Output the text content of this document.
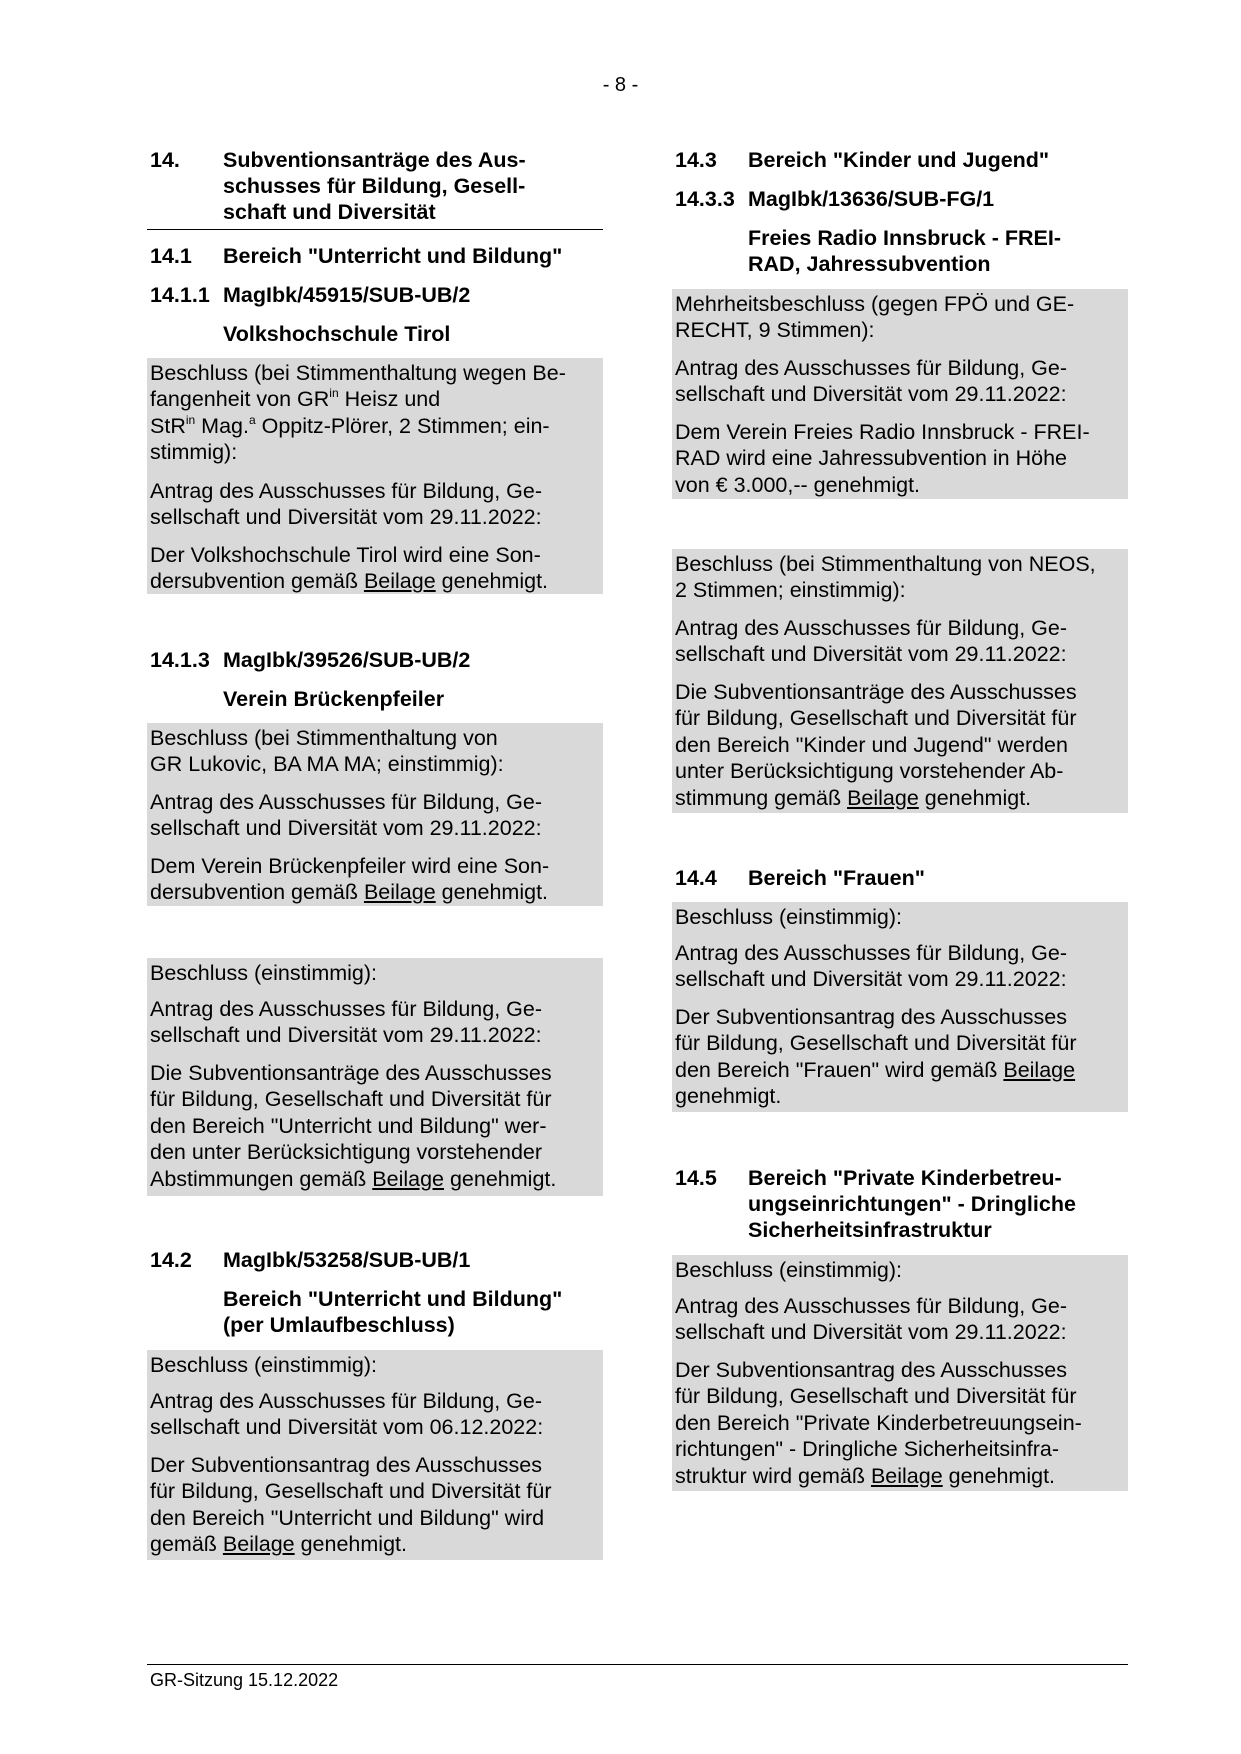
- 8 -
14. Subventionsanträge des Aus-
schusses für Bildung, Gesell-
schaft und Diversität
14.1 Bereich "Unterricht und Bildung"
14.1.1 MagIbk/45915/SUB-UB/2
Volkshochschule Tirol

Beschluss (bei Stimmenthaltung wegen Be-
fangenheit von $GR^{in}$ Heisz und
StR$^{in}$ Mag.$^a$ Oppitz-Plörer, 2 Stimmen; ein-
stimmig):

Antrag des Ausschusses für Bildung, Ge-
sellschaft und Diversität vom 29.11.2022:

Der Volkshochschule Tirol wird eine Son-
dersubvention gemäß Beilage genehmigt.

14.1.3 MagIbk/39526/SUB-UB/2
Verein Brückenpfeiler

Beschluss (bei Stimmenthaltung von
GR Lukovic, BA MA MA; einstimmig):

Antrag des Ausschusses für Bildung, Ge-
sellschaft und Diversität vom 29.11.2022:

Dem Verein Brückenpfeiler wird eine Son-
dersubvention gemäß Beilage genehmigt.

Beschluss (einstimmig):

Antrag des Ausschusses für Bildung, Ge-
sellschaft und Diversität vom 29.11.2022:

Die Subventionsanträge des Ausschusses
für Bildung, Gesellschaft und Diversität für
den Bereich "Unterricht und Bildung" wer-
den unter Berücksichtigung vorstehender
Abstimmungen gemäß Beilage genehmigt.

14.2 MagIbk/53258/SUB-UB/1
Bereich "Unterricht und Bildung"
(per Umlaufbeschluss)

Beschluss (einstimmig):

Antrag des Ausschusses für Bildung, Ge-
sellschaft und Diversität vom 06.12.2022:

Der Subventionsantrag des Ausschusses
für Bildung, Gesellschaft und Diversität für
den Bereich "Unterricht und Bildung" wird
gemäß Beilage genehmigt.

14.3 Bereich "Kinder und Jugend"
14.3.3 MagIbk/13636/SUB-FG/1
Freies Radio Innsbruck - FREI-
RAD, Jahressubvention

Mehrheitsbeschluss (gegen FPÖ und GE-
RECHT, 9 Stimmen):

Antrag des Ausschusses für Bildung, Ge-
sellschaft und Diversität vom 29.11.2022:

Dem Verein Freies Radio Innsbruck - FREI-
RAD wird eine Jahressubvention in Höhe
von € 3.000,-- genehmigt.

Beschluss (bei Stimmenthaltung von NEOS,
2 Stimmen; einstimmig):

Antrag des Ausschusses für Bildung, Ge-
sellschaft und Diversität vom 29.11.2022:

Die Subventionsanträge des Ausschusses
für Bildung, Gesellschaft und Diversität für
den Bereich "Kinder und Jugend" werden
unter Berücksichtigung vorstehender Ab-
stimmung gemäß Beilage genehmigt.

14.4 Bereich "Frauen"

Beschluss (einstimmig):

Antrag des Ausschusses für Bildung, Ge-
sellschaft und Diversität vom 29.11.2022:

Der Subventionsantrag des Ausschusses
für Bildung, Gesellschaft und Diversität für
den Bereich "Frauen" wird gemäß Beilage
genehmigt.

14.5 Bereich "Private Kinderbetreu-
ungseinrichtungen" - Dringliche
Sicherheitsinfrastruktur

Beschluss (einstimmig):

Antrag des Ausschusses für Bildung, Ge-
sellschaft und Diversität vom 29.11.2022:

Der Subventionsantrag des Ausschusses
für Bildung, Gesellschaft und Diversität für
den Bereich "Private Kinderbetreuungsein-
richtungen" - Dringliche Sicherheitsinfra-
struktur wird gemäß Beilage genehmigt.

GR-Sitzung 15.12.2022
